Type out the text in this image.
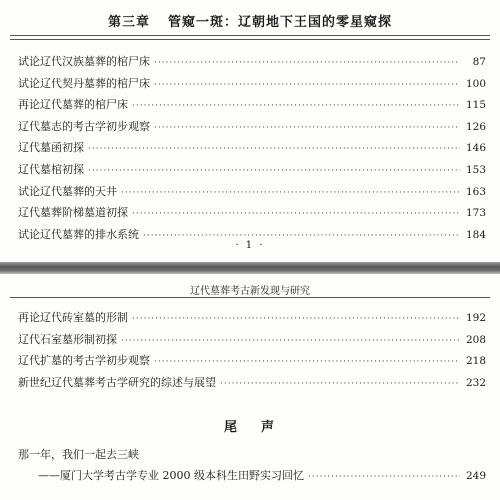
第三章 管窥一斑：辽朝地下王国的零星窥探
试论辽代汉族墓葬的棺尸床 ·····	87
试论辽代契丹墓葬的棺尸床 ·····	100
再论辽代墓葬的棺尸床 ·····	115
辽代墓志的考古学初步观察 ·····	126
辽代墓函初探 ·····	146
辽代墓棺初探 ·····	153
试论辽代墓葬的天井 ·····	163
辽代墓葬阶梯墓道初探 ·····	173
试论辽代墓葬的排水系统 ·····	184
· 1 ·
辽代墓葬考古新发现与研究
再论辽代砖室墓的形制 ·····	192
辽代石室墓形制初探 ·····	208
辽代扩墓的考古学初步观察 ·····	218
新世纪辽代墓葬考古学研究的综述与展望 ·····	232
尾 声
那一年，我们一起去三峡
——厦门大学考古学专业 2000 级本科生田野实习回忆 ·····	249
